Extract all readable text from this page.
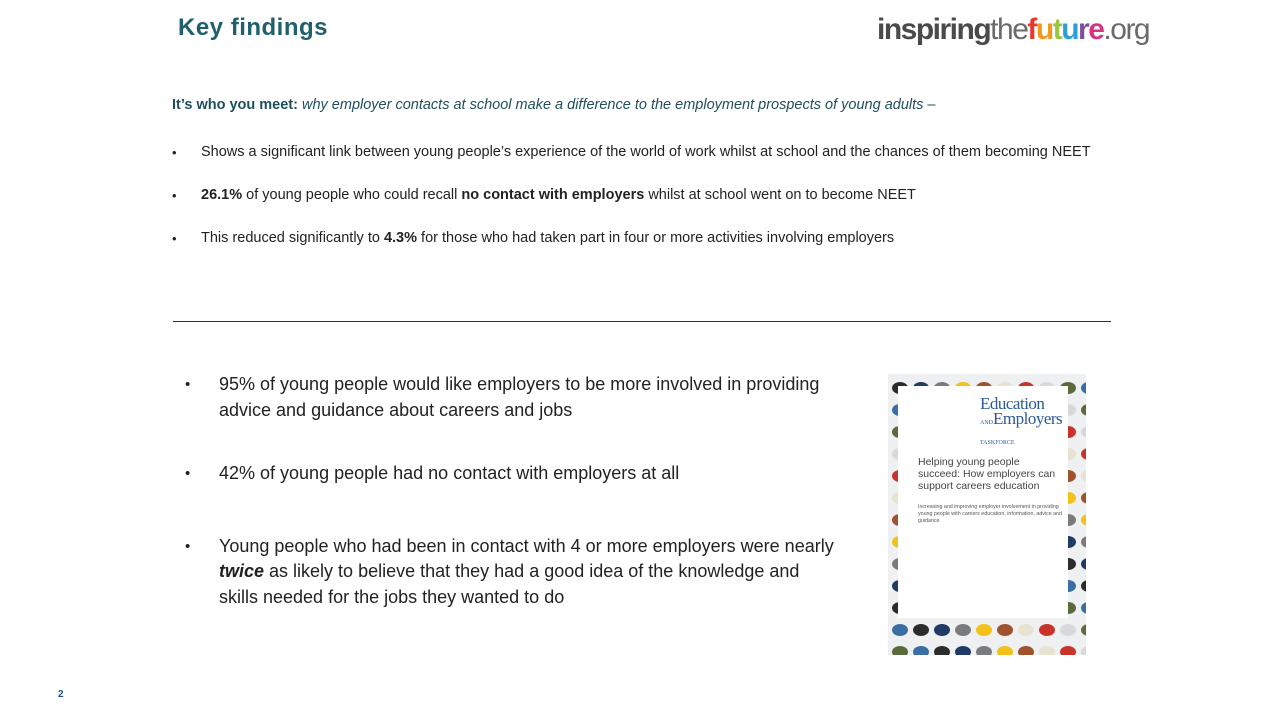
Key findings	inspiringthefuture.org
It’s who you meet: why employer contacts at school make a difference to the employment prospects of young adults –
• Shows a significant link between young people’s experience of the world of work whilst at school and the chances of them becoming NEET
• 26.1% of young people who could recall no contact with employers whilst at school went on to become NEET
• This reduced significantly to 4.3% for those who had taken part in four or more activities involving employers
• 95% of young people would like employers to be more involved in providing advice and guidance about careers and jobs
• 42% of young people had no contact with employers at all
• Young people who had been in contact with 4 or more employers were nearly twice as likely to believe that they had a good idea of the knowledge and skills needed for the jobs they wanted to do
Education
ANDEmployers
TASKFORCE
Helping young people succeed: How employers can support careers education
Increasing and improving employer involvement in providing young people with careers education, information, advice and guidance
2
